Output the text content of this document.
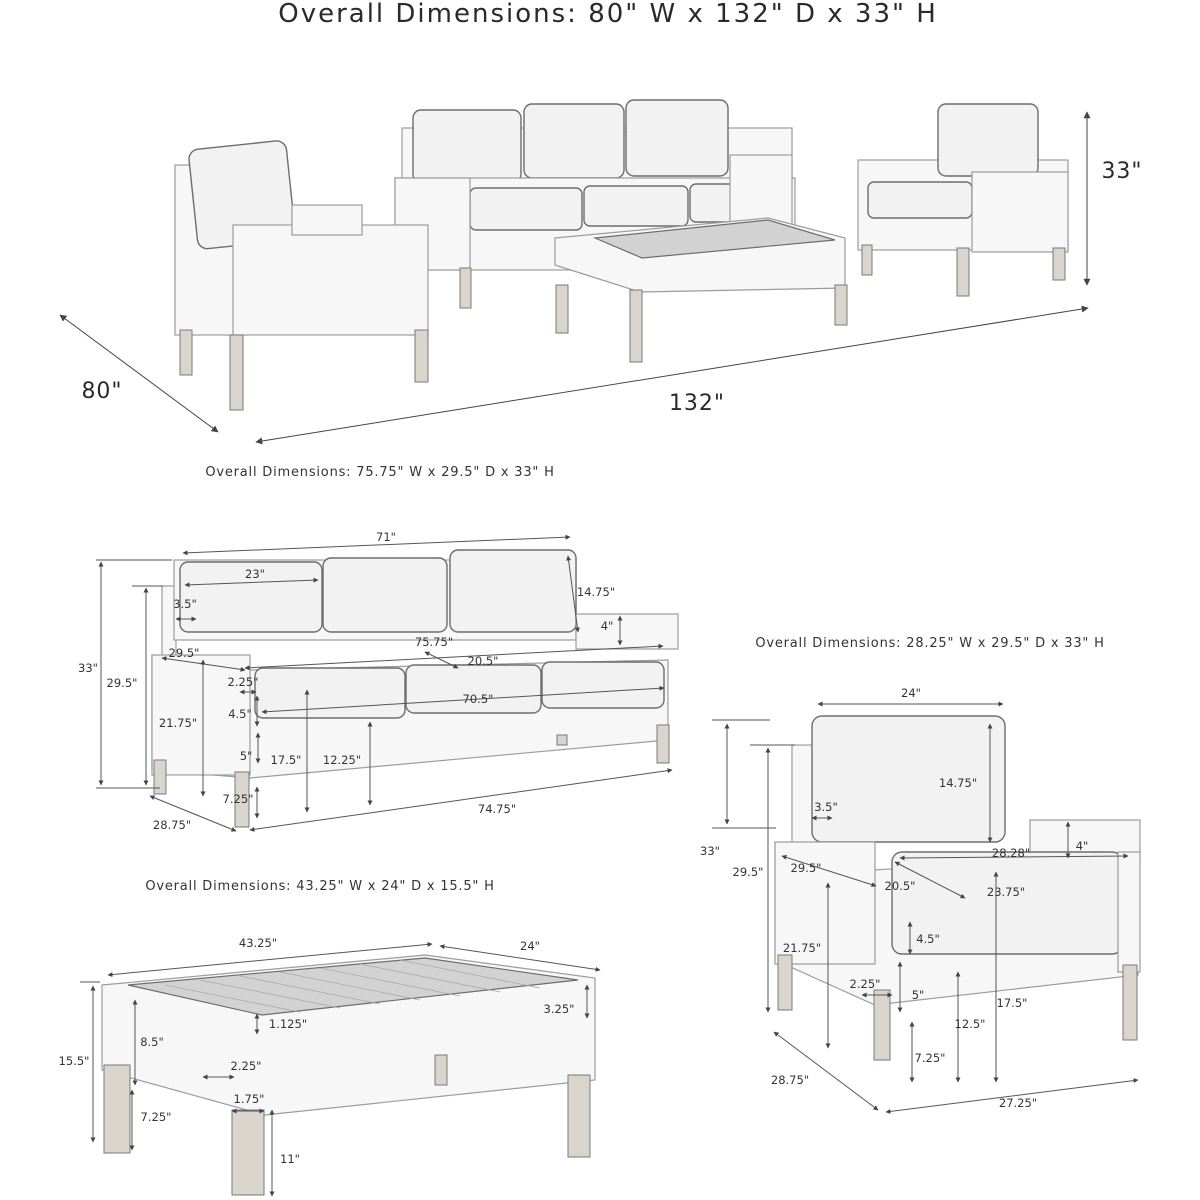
Overall Dimensions: 80" W x 132" D x 33" H
Overall Dimensions: 75.75" W x 29.5" D x 33" H
Overall Dimensions: 28.25" W x 29.5" D x 33" H
Overall Dimensions: 43.25" W x 24" D x 15.5" H
33"
80"	132"
71"
23"
14.75"
3.5"
4"
75.75"
20.5"
29.5"
2.25"
70.5"
4.5"
33"
29.5"
21.75"
5" 17.5" 12.25"
7.25"
28.75"
74.75"
24"
14.75"
3.5"
28.28"	4"
33"
29.5" 29.5"
20.5"	23.75"
4.5"
21.75"
2.25"
5"
17.5"
12.5"
7.25"
28.75"
27.25"
43.25"	24"
3.25"
15.5"
8.5"
1.125"
2.25"
1.75"
7.25"
11"
